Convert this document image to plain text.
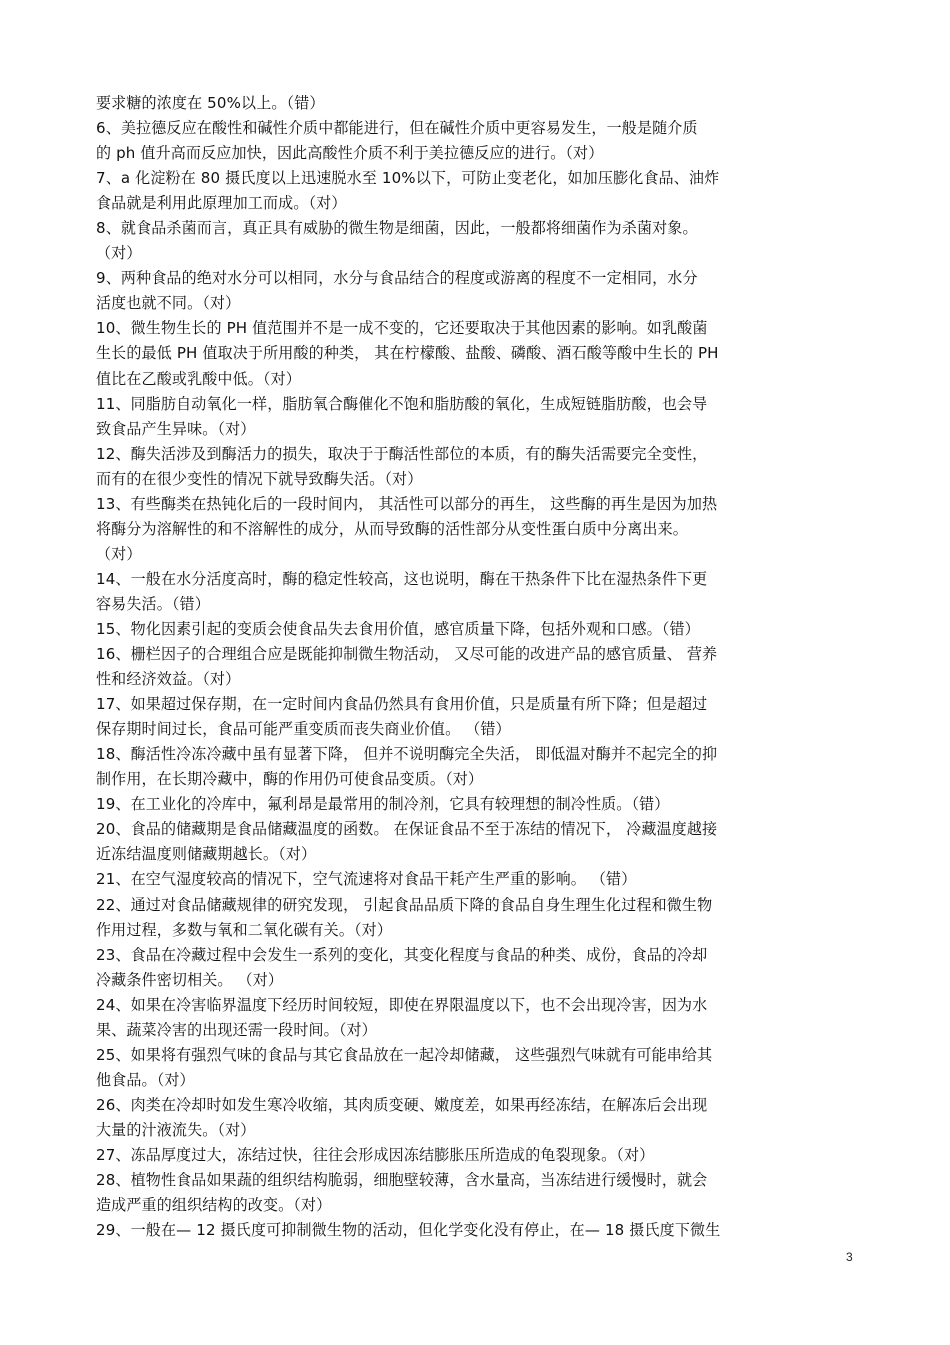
要求糖的浓度在 50%以上。（错）
6、美拉德反应在酸性和碱性介质中都能进行，但在碱性介质中更容易发生，一般是随介质
的 ph 值升高而反应加快，因此高酸性介质不利于美拉德反应的进行。（对）
7、a 化淀粉在 80 摄氏度以上迅速脱水至 10%以下，可防止变老化，如加压膨化食品、油炸
食品就是利用此原理加工而成。（对）
8、就食品杀菌而言，真正具有威胁的微生物是细菌，因此，一般都将细菌作为杀菌对象。
（对）
9、两种食品的绝对水分可以相同，水分与食品结合的程度或游离的程度不一定相同，水分
活度也就不同。（对）
10、微生物生长的 PH 值范围并不是一成不变的，它还要取决于其他因素的影响。如乳酸菌
生长的最低 PH 值取决于所用酸的种类， 其在柠檬酸、盐酸、磷酸、酒石酸等酸中生长的 PH
值比在乙酸或乳酸中低。（对）
11、同脂肪自动氧化一样，脂肪氧合酶催化不饱和脂肪酸的氧化，生成短链脂肪酸，也会导
致食品产生异味。（对）
12、酶失活涉及到酶活力的损失，取决于于酶活性部位的本质，有的酶失活需要完全变性，
而有的在很少变性的情况下就导致酶失活。（对）
13、有些酶类在热钝化后的一段时间内， 其活性可以部分的再生， 这些酶的再生是因为加热
将酶分为溶解性的和不溶解性的成分，从而导致酶的活性部分从变性蛋白质中分离出来。
（对）
14、一般在水分活度高时，酶的稳定性较高，这也说明，酶在干热条件下比在湿热条件下更
容易失活。（错）
15、物化因素引起的变质会使食品失去食用价值，感官质量下降，包括外观和口感。（错）
16、栅栏因子的合理组合应是既能抑制微生物活动， 又尽可能的改进产品的感官质量、 营养
性和经济效益。（对）
17、如果超过保存期，在一定时间内食品仍然具有食用价值，只是质量有所下降；但是超过
保存期时间过长，食品可能严重变质而丧失商业价值。 （错）
18、酶活性冷冻冷藏中虽有显著下降， 但并不说明酶完全失活， 即低温对酶并不起完全的抑
制作用，在长期冷藏中，酶的作用仍可使食品变质。（对）
19、在工业化的冷库中，氟利昂是最常用的制冷剂，它具有较理想的制冷性质。（错）
20、食品的储藏期是食品储藏温度的函数。 在保证食品不至于冻结的情况下， 冷藏温度越接
近冻结温度则储藏期越长。（对）
21、在空气湿度较高的情况下，空气流速将对食品干耗产生严重的影响。 （错）
22、通过对食品储藏规律的研究发现， 引起食品品质下降的食品自身生理生化过程和微生物
作用过程，多数与氧和二氧化碳有关。（对）
23、食品在冷藏过程中会发生一系列的变化，其变化程度与食品的种类、成份，食品的冷却
冷藏条件密切相关。 （对）
24、如果在冷害临界温度下经历时间较短，即使在界限温度以下，也不会出现冷害，因为水
果、蔬菜冷害的出现还需一段时间。（对）
25、如果将有强烈气味的食品与其它食品放在一起冷却储藏， 这些强烈气味就有可能串给其
他食品。（对）
26、肉类在冷却时如发生寒冷收缩，其肉质变硬、嫩度差，如果再经冻结，在解冻后会出现
大量的汁液流失。（对）
27、冻品厚度过大，冻结过快，往往会形成因冻结膨胀压所造成的龟裂现象。（对）
28、植物性食品如果蔬的组织结构脆弱，细胞壁较薄，含水量高，当冻结进行缓慢时，就会
造成严重的组织结构的改变。（对）
29、一般在— 12 摄氏度可抑制微生物的活动，但化学变化没有停止，在— 18 摄氏度下微生
3
